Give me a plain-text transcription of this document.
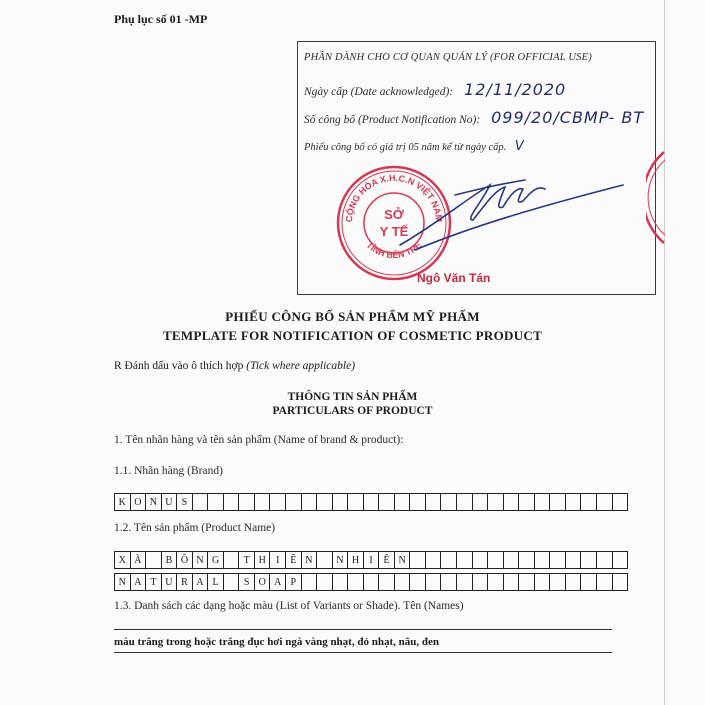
Phụ lục số 01 -MP
PHẦN DÀNH CHO CƠ QUAN QUẢN LÝ (FOR OFFICIAL USE)
Ngày cấp (Date acknowledged): 12/11/2020
Số công bố (Product Notification No): 099/20/CBMP- BT
Phiếu công bố có giá trị 05 năm kể từ ngày cấp. V
Ngô Văn Tán
CỘNG HÒA X.H.C.N VIỆT NAM
TỈNH BẾN TRE
SỞ
Y TẾ
PHIẾU CÔNG BỐ SẢN PHẨM MỸ PHẨM
TEMPLATE FOR NOTIFICATION OF COSMETIC PRODUCT
R Đánh dấu vào ô thích hợp (Tick where applicable)
THÔNG TIN SẢN PHẨM
PARTICULARS OF PRODUCT
1. Tên nhãn hàng và tên sản phẩm (Name of brand & product):
1.1. Nhãn hàng (Brand)
K O N U S
1.2. Tên sản phẩm (Product Name)
X À	B Ô N G	T H	I	Ê N	N H	I	Ê N
N A T U R A L	S O A P
1.3. Danh sách các dạng hoặc màu (List of Variants or Shade). Tên (Names)
màu trắng trong hoặc trắng đục hơi ngà vàng nhạt, đỏ nhạt, nâu, đen
